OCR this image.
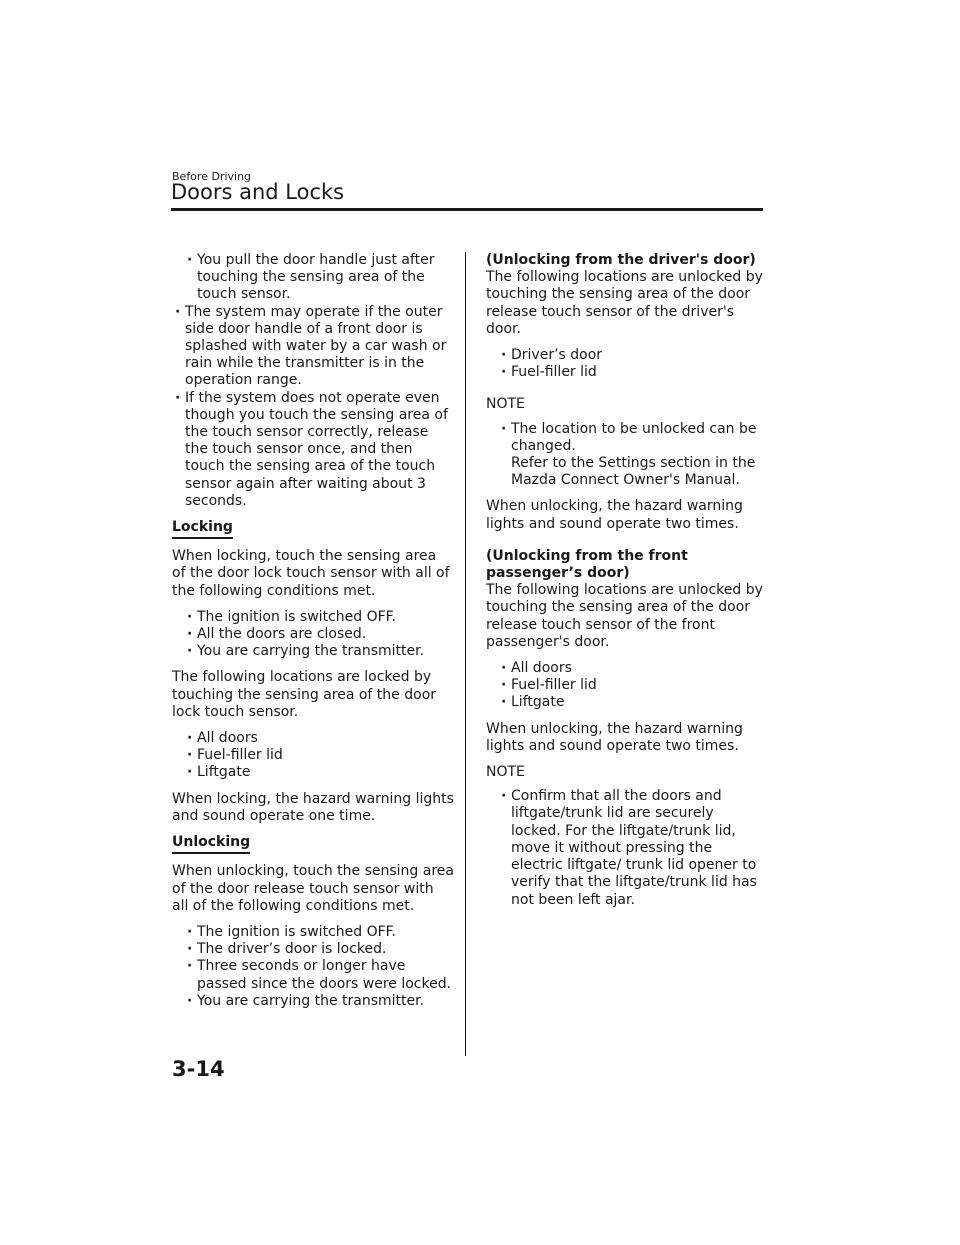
Before Driving
Doors and Locks
· You pull the door handle just after touching the sensing area of the touch sensor.
· The system may operate if the outer side door handle of a front door is splashed with water by a car wash or rain while the transmitter is in the operation range.
· If the system does not operate even though you touch the sensing area of the touch sensor correctly, release the touch sensor once, and then touch the sensing area of the touch sensor again after waiting about 3 seconds.
Locking

When locking, touch the sensing area of the door lock touch sensor with all of the following conditions met.

· The ignition is switched OFF.
· All the doors are closed.
· You are carrying the transmitter.

The following locations are locked by touching the sensing area of the door lock touch sensor.

· All doors
· Fuel-filler lid
· Liftgate

When locking, the hazard warning lights and sound operate one time.

Unlocking

When unlocking, touch the sensing area of the door release touch sensor with all of the following conditions met.

· The ignition is switched OFF.
· The driver’s door is locked.
· Three seconds or longer have passed since the doors were locked.
· You are carrying the transmitter.
(Unlocking from the driver's door)

The following locations are unlocked by touching the sensing area of the door release touch sensor of the driver's door.

· Driver’s door
· Fuel-filler lid
NOTE
· The location to be unlocked can be changed.
Refer to the Settings section in the Mazda Connect Owner's Manual.

When unlocking, the hazard warning lights and sound operate two times.

(Unlocking from the front passenger’s door)

The following locations are unlocked by touching the sensing area of the door release touch sensor of the front passenger's door.

· All doors
· Fuel-filler lid
· Liftgate

When unlocking, the hazard warning lights and sound operate two times.

NOTE
· Confirm that all the doors and liftgate/trunk lid are securely locked. For the liftgate/trunk lid, move it without pressing the electric liftgate/ trunk lid opener to verify that the liftgate/trunk lid has not been left ajar.
3-14
